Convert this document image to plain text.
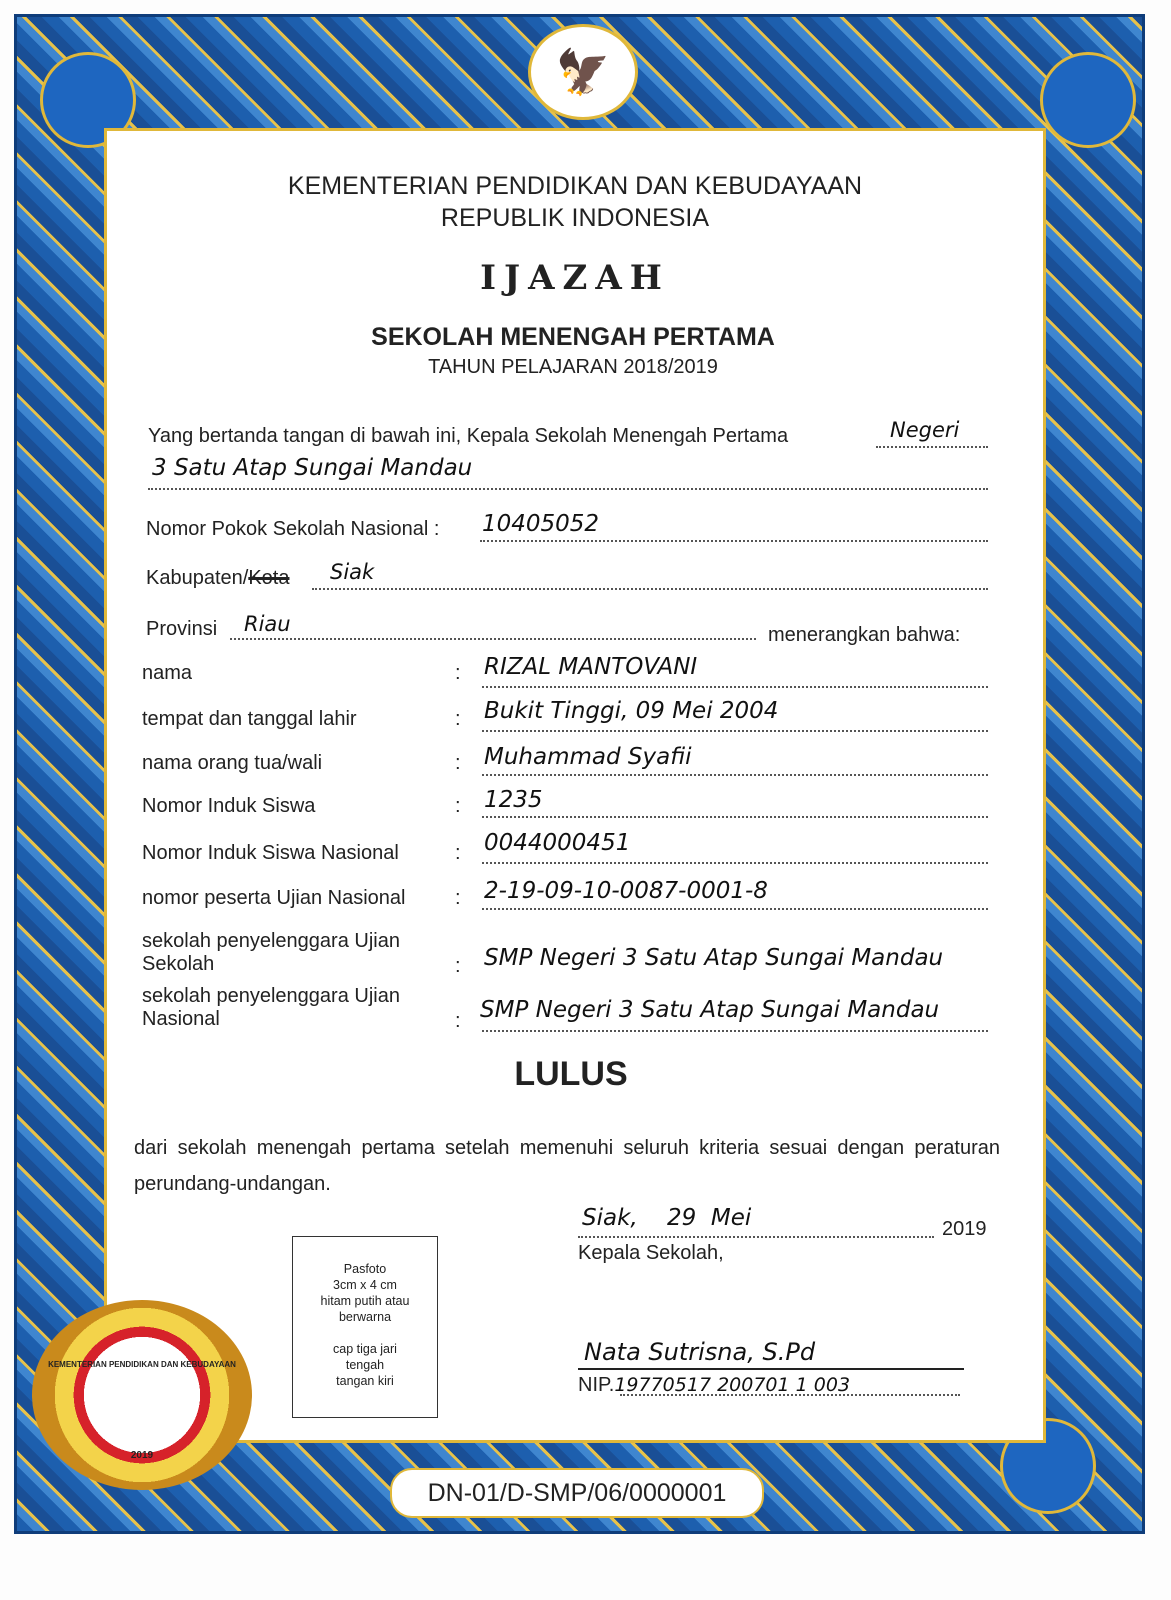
🦅
KEMENTERIAN PENDIDIKAN DAN KEBUDAYAAN
REPUBLIK INDONESIA
IJAZAH
SEKOLAH MENENGAH PERTAMA
TAHUN PELAJARAN 2018/2019
Yang bertanda tangan di bawah ini, Kepala Sekolah Menengah Pertama	Negeri
3 Satu Atap Sungai Mandau
Nomor Pokok Sekolah Nasional : 10405052
Kabupaten/Kota Siak
Provinsi Riau	menerangkan bahwa:
nama	: RIZAL MANTOVANI
tempat dan tanggal lahir	: Bukit Tinggi, 09 Mei 2004
nama orang tua/wali	: Muhammad Syafii
Nomor Induk Siswa	: 1235
Nomor Induk Siswa Nasional	: 0044000451
nomor peserta Ujian Nasional : 2-19-09-10-0087-0001-8
sekolah penyelenggara Ujian Sekolah	: SMP Negeri 3 Satu Atap Sungai Mandau
sekolah penyelenggara Ujian Nasional	: SMP Negeri 3 Satu Atap Sungai Mandau
LULUS
dari sekolah menengah pertama setelah memenuhi seluruh kriteria sesuai dengan peraturan perundang-undangan.
Pasfoto
3cm x 4 cm
hitam putih atau
berwarna
cap tiga jari
tengah
tangan kiri
Siak,    29  Mei	2019
Kepala Sekolah,
Nata Sutrisna, S.Pd
NIP.19770517 200701 1 003
KEMENTERIAN PENDIDIKAN DAN KEBUDAYAAN
2019
DN-01/D-SMP/06/0000001
